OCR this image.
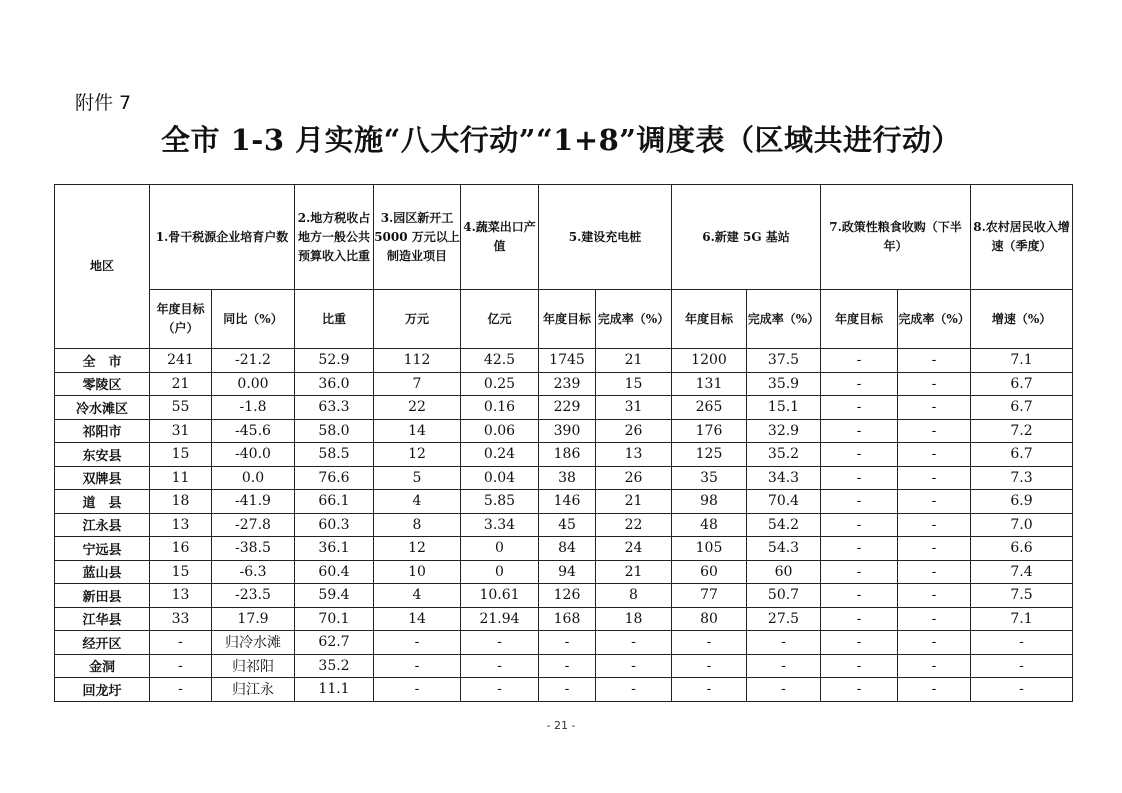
附件 7
全市 1-3 月实施“八大行动”“1+8”调度表（区域共进行动）
地区	1.骨干税源企业培育户数		2.地方税收占地方一般公共预算收入比重	3.园区新开工 5000 万元以上制造业项目	4.蔬菜出口产值	5.建设充电桩		6.新建 5G 基站		7.政策性粮食收购（下半年）		8.农村居民收入增速（季度）
	年度目标（户）	同比（%）	比重	万元	亿元	年度目标	完成率（%）	年度目标	完成率（%）	年度目标	完成率（%）	增速（%）
全　市	241	-21.2	52.9	112	42.5	1745	21	1200	37.5	-	-	7.1
零陵区	21	0.00	36.0	7	0.25	239	15	131	35.9	-	-	6.7
冷水滩区	55	-1.8	63.3	22	0.16	229	31	265	15.1	-	-	6.7
祁阳市	31	-45.6	58.0	14	0.06	390	26	176	32.9	-	-	7.2
东安县	15	-40.0	58.5	12	0.24	186	13	125	35.2	-	-	6.7
双牌县	11	0.0	76.6	5	0.04	38	26	35	34.3	-	-	7.3
道　县	18	-41.9	66.1	4	5.85	146	21	98	70.4	-	-	6.9
江永县	13	-27.8	60.3	8	3.34	45	22	48	54.2	-	-	7.0
宁远县	16	-38.5	36.1	12	0	84	24	105	54.3	-	-	6.6
蓝山县	15	-6.3	60.4	10	0	94	21	60	60	-	-	7.4
新田县	13	-23.5	59.4	4	10.61	126	8	77	50.7	-	-	7.5
江华县	33	17.9	70.1	14	21.94	168	18	80	27.5	-	-	7.1
经开区	-	归冷水滩	62.7	-	-	-	-	-	-	-	-	-
金洞	-	归祁阳	35.2	-	-	-	-	-	-	-	-	-
回龙圩	-	归江永	11.1	-	-	-	-	-	-	-	-	-
- 21 -
